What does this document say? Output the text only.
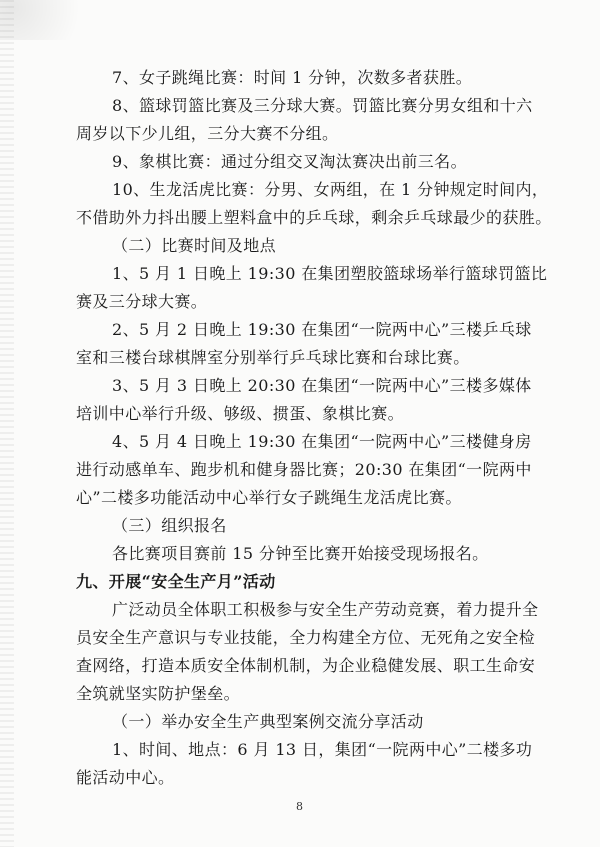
7、女子跳绳比赛：时间 1 分钟，次数多者获胜。
8、篮球罚篮比赛及三分球大赛。罚篮比赛分男女组和十六
周岁以下少儿组，三分大赛不分组。
9、象棋比赛：通过分组交叉淘汰赛决出前三名。
10、生龙活虎比赛：分男、女两组，在 1 分钟规定时间内，
不借助外力抖出腰上塑料盒中的乒乓球，剩余乒乓球最少的获胜。
（二）比赛时间及地点
1、5 月 1 日晚上 19:30 在集团塑胶篮球场举行篮球罚篮比
赛及三分球大赛。
2、5 月 2 日晚上 19:30 在集团“一院两中心”三楼乒乓球
室和三楼台球棋牌室分别举行乒乓球比赛和台球比赛。
3、5 月 3 日晚上 20:30 在集团“一院两中心”三楼多媒体
培训中心举行升级、够级、掼蛋、象棋比赛。
4、5 月 4 日晚上 19:30 在集团“一院两中心”三楼健身房
进行动感单车、跑步机和健身器比赛；20:30 在集团“一院两中
心”二楼多功能活动中心举行女子跳绳生龙活虎比赛。
（三）组织报名
各比赛项目赛前 15 分钟至比赛开始接受现场报名。
九、开展“安全生产月”活动
广泛动员全体职工积极参与安全生产劳动竞赛，着力提升全
员安全生产意识与专业技能，全力构建全方位、无死角之安全检
查网络，打造本质安全体制机制，为企业稳健发展、职工生命安
全筑就坚实防护堡垒。
（一）举办安全生产典型案例交流分享活动
1、时间、地点：6 月 13 日，集团“一院两中心”二楼多功
能活动中心。
8
